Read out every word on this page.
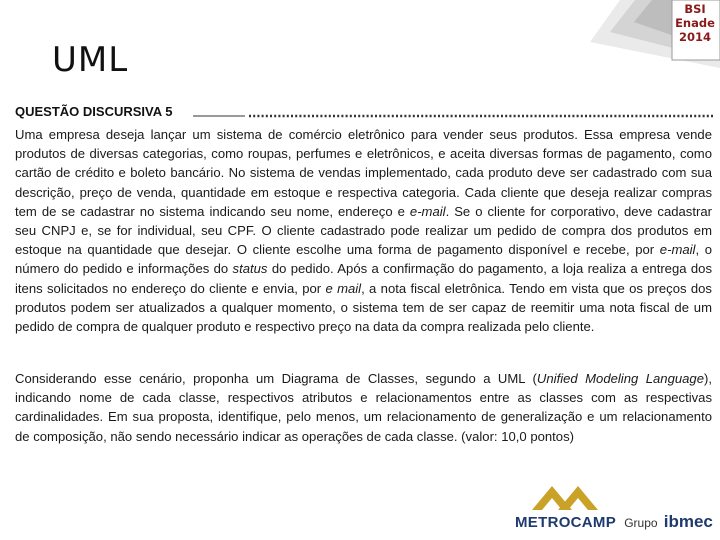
UML
BSI
Enade
2014
QUESTÃO DISCURSIVA 5

Uma empresa deseja lançar um sistema de comércio eletrônico para vender seus produtos. Essa empresa vende produtos de diversas categorias, como roupas, perfumes e eletrônicos, e aceita diversas formas de pagamento, como cartão de crédito e boleto bancário. No sistema de vendas implementado, cada produto deve ser cadastrado com sua descrição, preço de venda, quantidade em estoque e respectiva categoria. Cada cliente que deseja realizar compras tem de se cadastrar no sistema indicando seu nome, endereço e e-mail. Se o cliente for corporativo, deve cadastrar seu CNPJ e, se for individual, seu CPF. O cliente cadastrado pode realizar um pedido de compra dos produtos em estoque na quantidade que desejar. O cliente escolhe uma forma de pagamento disponível e recebe, por e-mail, o número do pedido e informações do status do pedido. Após a confirmação do pagamento, a loja realiza a entrega dos itens solicitados no endereço do cliente e envia, por e mail, a nota fiscal eletrônica. Tendo em vista que os preços dos produtos podem ser atualizados a qualquer momento, o sistema tem de ser capaz de reemitir uma nota fiscal de um pedido de compra de qualquer produto e respectivo preço na data da compra realizada pelo cliente.

Considerando esse cenário, proponha um Diagrama de Classes, segundo a UML (Unified Modeling Language), indicando nome de cada classe, respectivos atributos e relacionamentos entre as classes com as respectivas cardinalidades. Em sua proposta, identifique, pelo menos, um relacionamento de generalização e um relacionamento de composição, não sendo necessário indicar as operações de cada classe. (valor: 10,0 pontos)

METROCAMP Grupo ibmec
